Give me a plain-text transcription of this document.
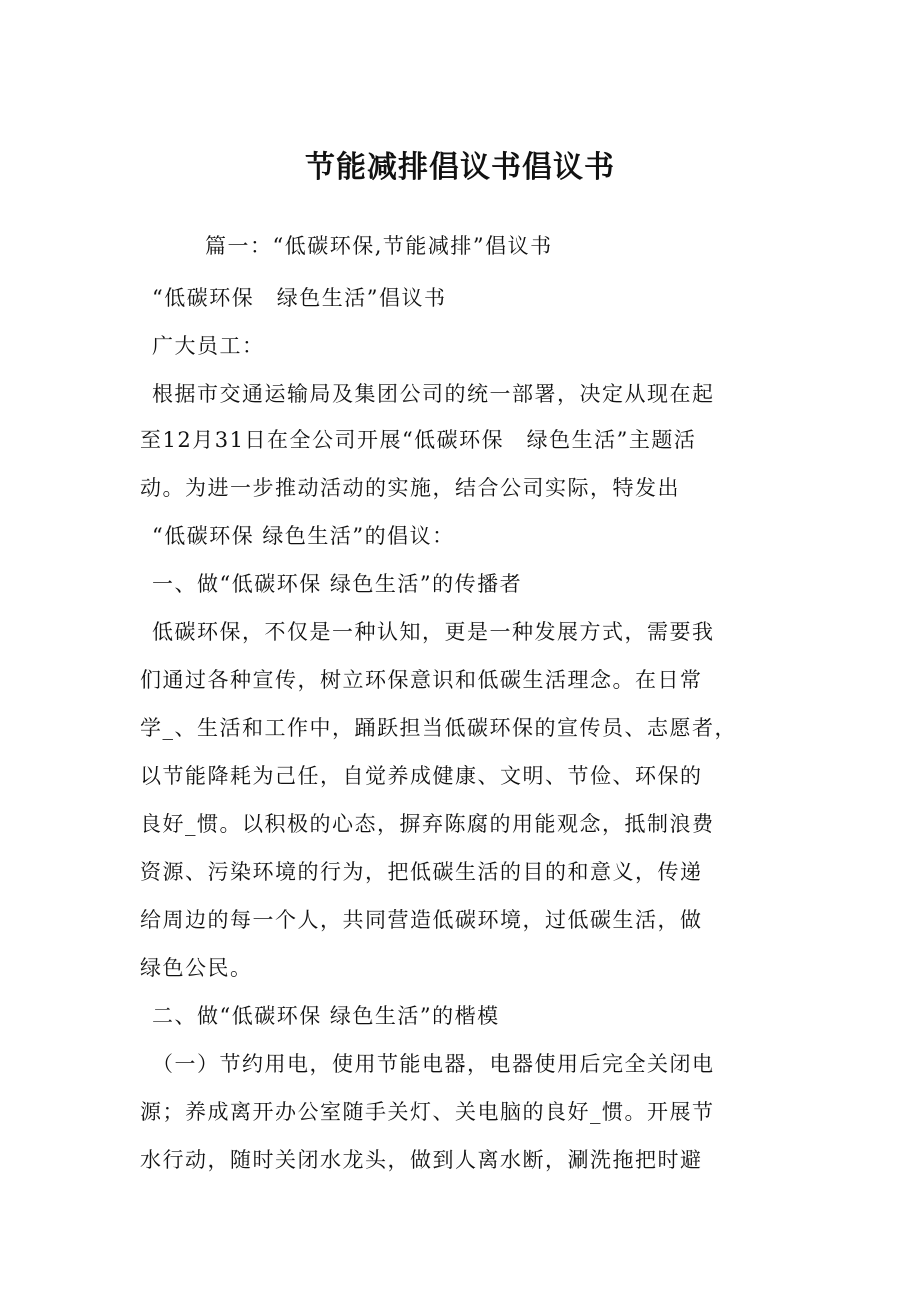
节能减排倡议书倡议书
篇一：“低碳环保,节能减排”倡议书
“低碳环保　绿色生活”倡议书
广大员工：
根据市交通运输局及集团公司的统一部署，决定从现在起
至12月31日在全公司开展“低碳环保　绿色生活”主题活
动。为进一步推动活动的实施，结合公司实际，特发出
“低碳环保 绿色生活”的倡议：
一、做“低碳环保 绿色生活”的传播者
低碳环保，不仅是一种认知，更是一种发展方式，需要我
们通过各种宣传，树立环保意识和低碳生活理念。在日常
学_、生活和工作中，踊跃担当低碳环保的宣传员、志愿者，
以节能降耗为己任，自觉养成健康、文明、节俭、环保的
良好_惯。以积极的心态，摒弃陈腐的用能观念，抵制浪费
资源、污染环境的行为，把低碳生活的目的和意义，传递
给周边的每一个人，共同营造低碳环境，过低碳生活，做
绿色公民。
二、做“低碳环保 绿色生活”的楷模
（一）节约用电，使用节能电器，电器使用后完全关闭电
源；养成离开办公室随手关灯、关电脑的良好_惯。开展节
水行动，随时关闭水龙头，做到人离水断，涮洗拖把时避
